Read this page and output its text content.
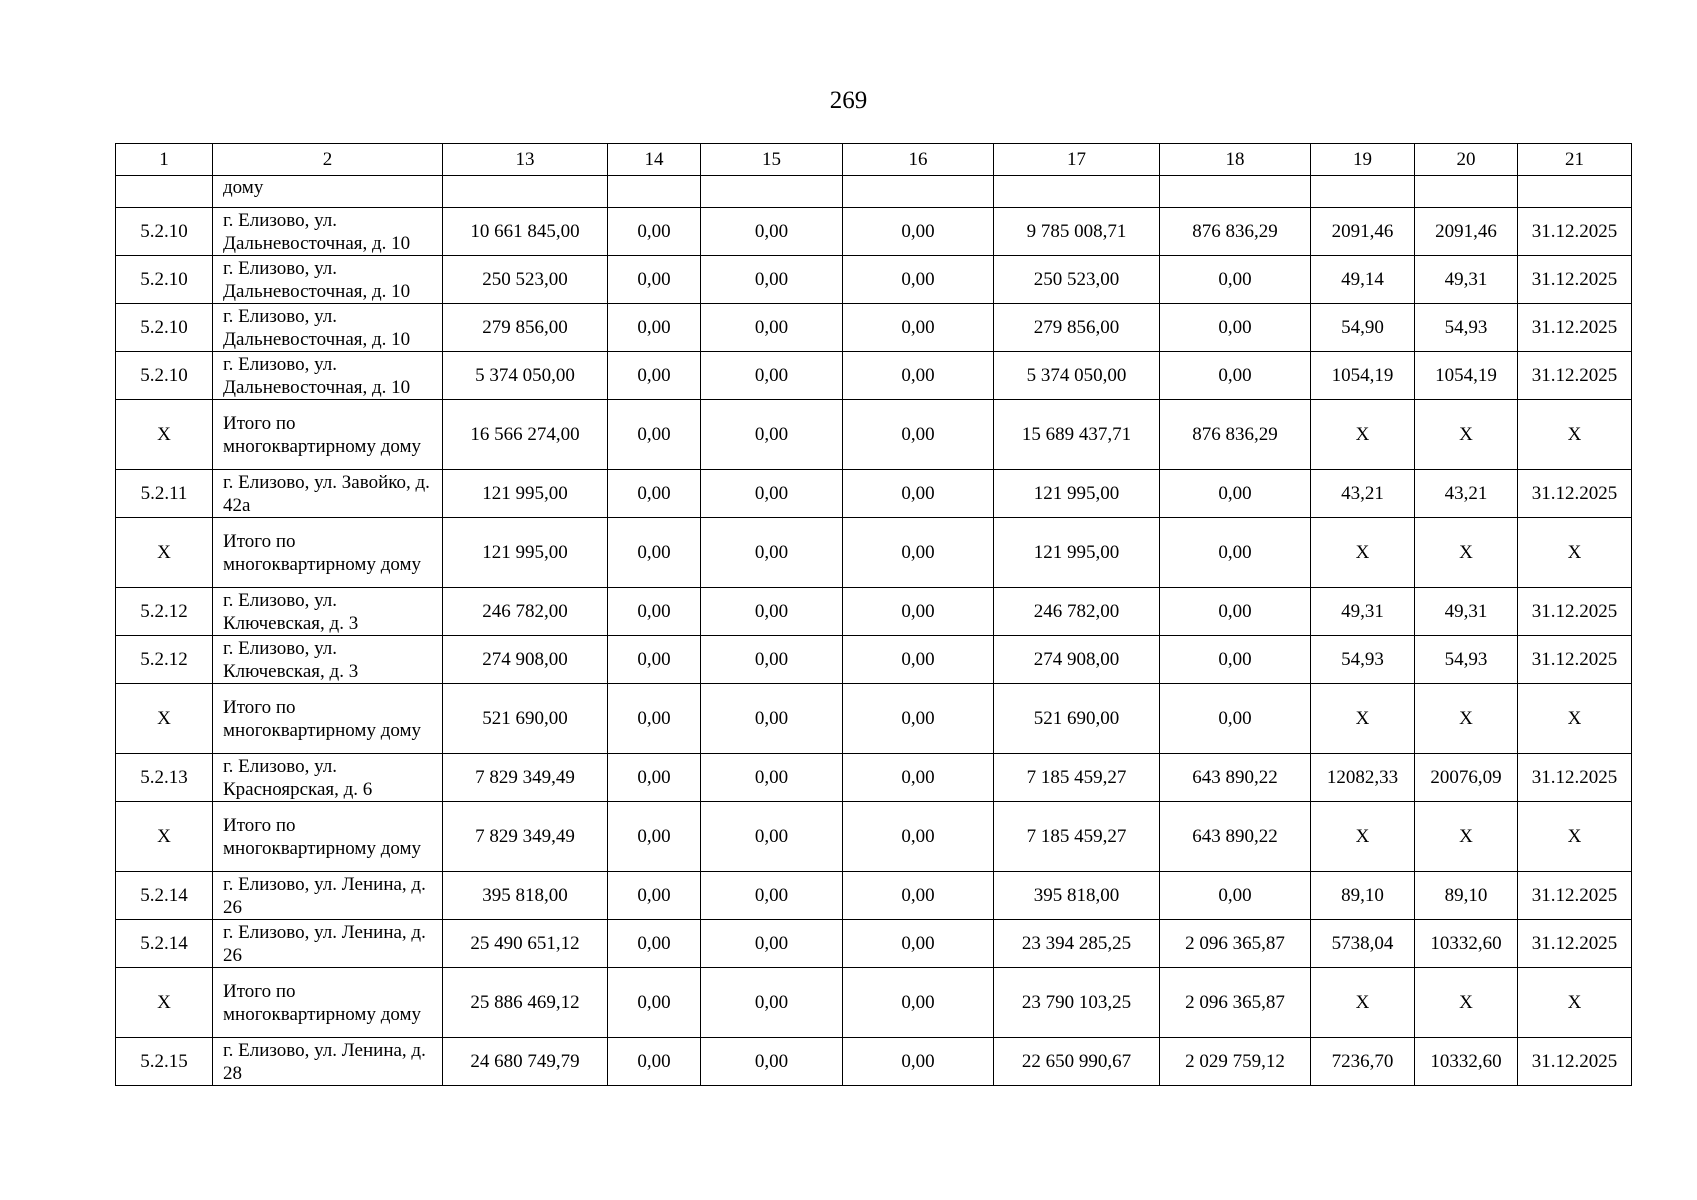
269
1	2	13	14	15	16	17	18	19	20	21
	дому									
5.2.10	г. Елизово, ул. Дальневосточная, д. 10	10 661 845,00	0,00	0,00	0,00	9 785 008,71	876 836,29	2091,46	2091,46	31.12.2025
5.2.10	г. Елизово, ул. Дальневосточная, д. 10	250 523,00	0,00	0,00	0,00	250 523,00	0,00	49,14	49,31	31.12.2025
5.2.10	г. Елизово, ул. Дальневосточная, д. 10	279 856,00	0,00	0,00	0,00	279 856,00	0,00	54,90	54,93	31.12.2025
5.2.10	г. Елизово, ул. Дальневосточная, д. 10	5 374 050,00	0,00	0,00	0,00	5 374 050,00	0,00	1054,19	1054,19	31.12.2025
X	Итого по многоквартирному дому	16 566 274,00	0,00	0,00	0,00	15 689 437,71	876 836,29	X	X	X
5.2.11	г. Елизово, ул. Завойко, д. 42а	121 995,00	0,00	0,00	0,00	121 995,00	0,00	43,21	43,21	31.12.2025
X	Итого по многоквартирному дому	121 995,00	0,00	0,00	0,00	121 995,00	0,00	X	X	X
5.2.12	г. Елизово, ул. Ключевская, д. 3	246 782,00	0,00	0,00	0,00	246 782,00	0,00	49,31	49,31	31.12.2025
5.2.12	г. Елизово, ул. Ключевская, д. 3	274 908,00	0,00	0,00	0,00	274 908,00	0,00	54,93	54,93	31.12.2025
X	Итого по многоквартирному дому	521 690,00	0,00	0,00	0,00	521 690,00	0,00	X	X	X
5.2.13	г. Елизово, ул. Красноярская, д. 6	7 829 349,49	0,00	0,00	0,00	7 185 459,27	643 890,22	12082,33	20076,09	31.12.2025
X	Итого по многоквартирному дому	7 829 349,49	0,00	0,00	0,00	7 185 459,27	643 890,22	X	X	X
5.2.14	г. Елизово, ул. Ленина, д. 26	395 818,00	0,00	0,00	0,00	395 818,00	0,00	89,10	89,10	31.12.2025
5.2.14	г. Елизово, ул. Ленина, д. 26	25 490 651,12	0,00	0,00	0,00	23 394 285,25	2 096 365,87	5738,04	10332,60	31.12.2025
X	Итого по многоквартирному дому	25 886 469,12	0,00	0,00	0,00	23 790 103,25	2 096 365,87	X	X	X
5.2.15	г. Елизово, ул. Ленина, д. 28	24 680 749,79	0,00	0,00	0,00	22 650 990,67	2 029 759,12	7236,70	10332,60	31.12.2025
